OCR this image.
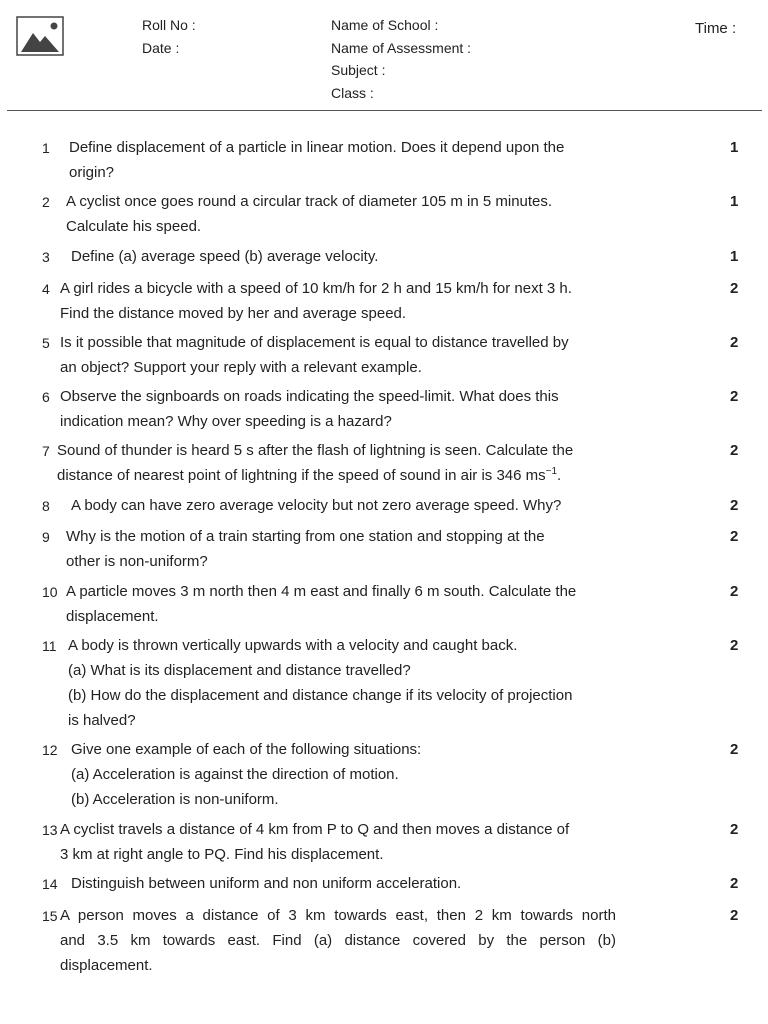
Roll No :
Date :
Name of School :
Name of Assessment :
Subject :
Class :
Time :
1 Define displacement of a particle in linear motion. Does it depend upon the
origin?
1
2 A cyclist once goes round a circular track of diameter 105 m in 5 minutes.
Calculate his speed.
1
3 Define (a) average speed (b) average velocity.	1
4 A girl rides a bicycle with a speed of 10 km/h for 2 h and 15 km/h for next 3 h.
Find the distance moved by her and average speed.
2
5 Is it possible that magnitude of displacement is equal to distance travelled by
an object? Support your reply with a relevant example.
2
6 Observe the signboards on roads indicating the speed-limit. What does this
indication mean? Why over speeding is a hazard?
2
7 Sound of thunder is heard 5 s after the flash of lightning is seen. Calculate the
distance of nearest point of lightning if the speed of sound in air is 346 $ms^{-1}$.
2
8 A body can have zero average velocity but not zero average speed. Why?	2
9 Why is the motion of a train starting from one station and stopping at the
other is non-uniform?
2
10 A particle moves 3 m north then 4 m east and finally 6 m south. Calculate the
displacement.
2
11 A body is thrown vertically upwards with a velocity and caught back.
(a) What is its displacement and distance travelled?
(b) How do the displacement and distance change if its velocity of projection
is halved?
2
12 Give one example of each of the following situations:
(a) Acceleration is against the direction of motion.
(b) Acceleration is non-uniform.
2
13 A cyclist travels a distance of 4 km from P to Q and then moves a distance of
3 km at right angle to PQ. Find his displacement.
2
14 Distinguish between uniform and non uniform acceleration.	2
15 A person moves a distance of 3 km towards east, then 2 km towards north
and 3.5 km towards east. Find (a) distance covered by the person (b)
displacement.
2
